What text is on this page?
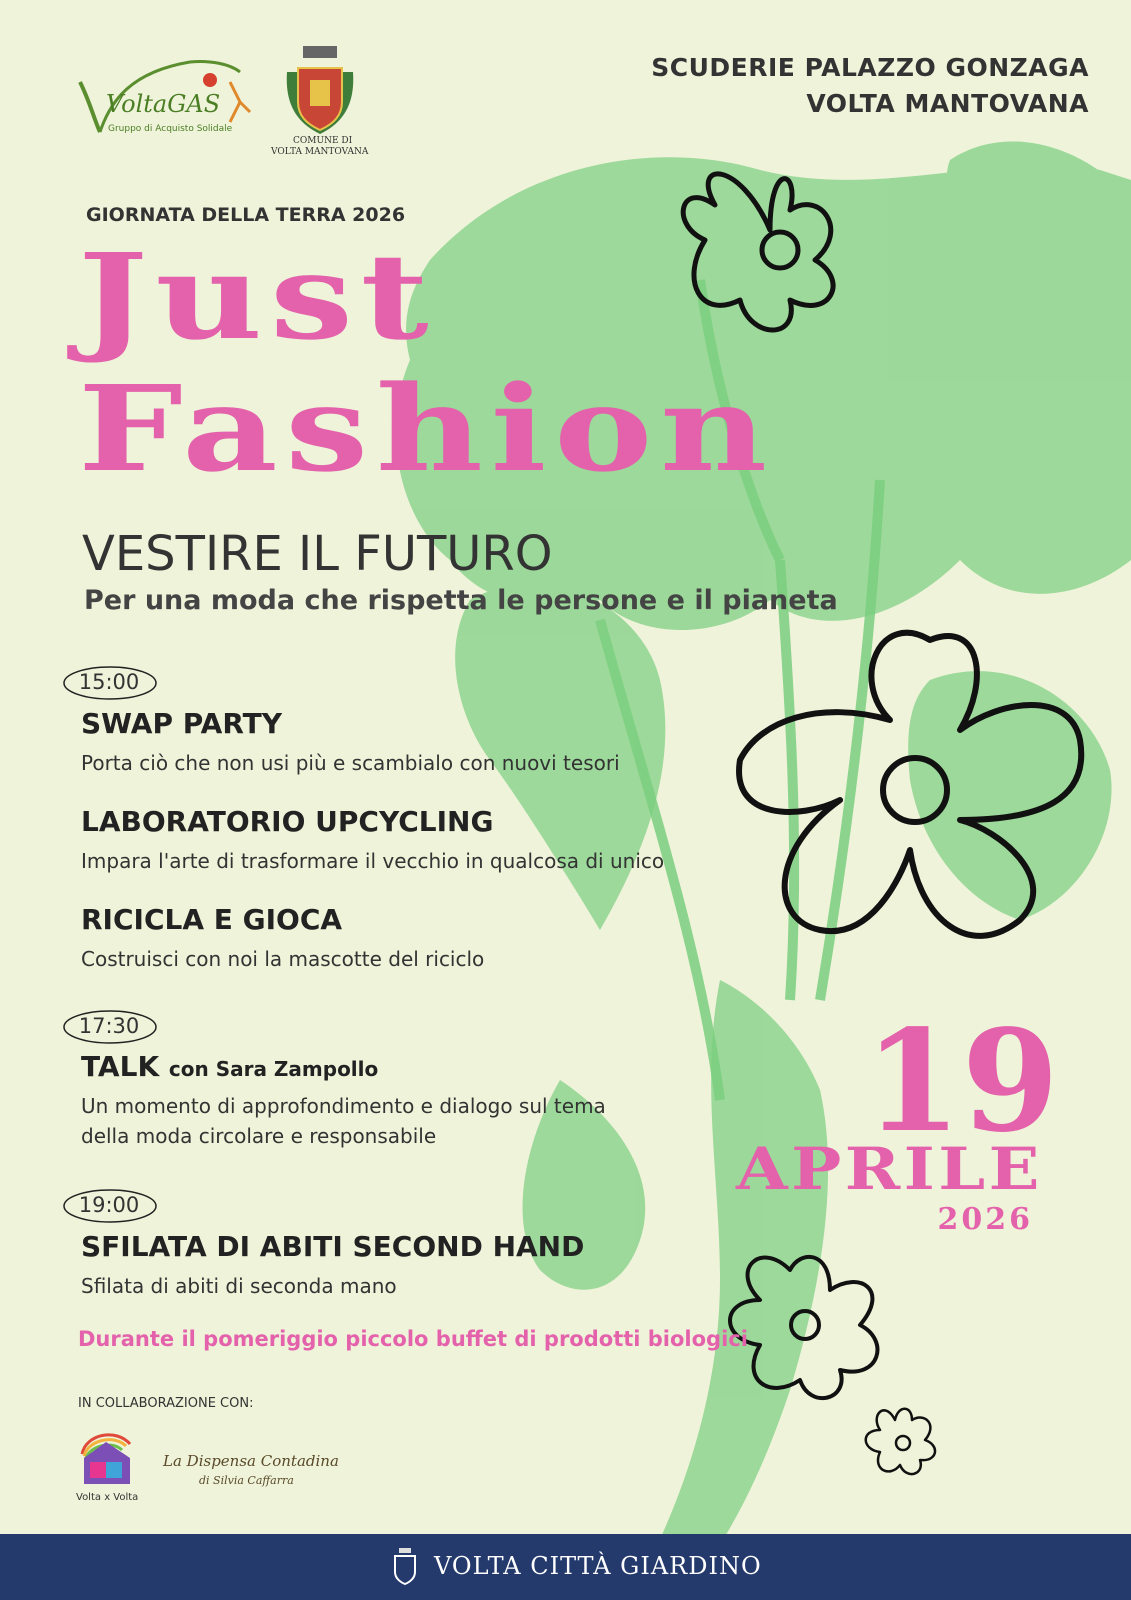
VoltaGAS
Gruppo di Acquisto Solidale
COMUNE DI
VOLTA MANTOVANA
SCUDERIE PALAZZO GONZAGA
VOLTA MANTOVANA
GIORNATA DELLA TERRA 2026
Just
Fashion
VESTIRE IL FUTURO
Per una moda che rispetta le persone e il pianeta
15:00
SWAP PARTY
Porta ciò che non usi più e scambialo con nuovi tesori
LABORATORIO UPCYCLING
Impara l'arte di trasformare il vecchio in qualcosa di unico
RICICLA E GIOCA
Costruisci con noi la mascotte del riciclo
17:30
TALK con Sara Zampollo
Un momento di approfondimento e dialogo sul tema
della moda circolare e responsabile
19:00
SFILATA DI ABITI SECOND HAND
Sfilata di abiti di seconda mano
Durante il pomeriggio piccolo buffet di prodotti biologici
19
APRILE
2026
IN COLLABORAZIONE CON:
Volta x Volta
La Dispensa Contadina
di Silvia Caffarra
VOLTA CITTÀ GIARDINO
